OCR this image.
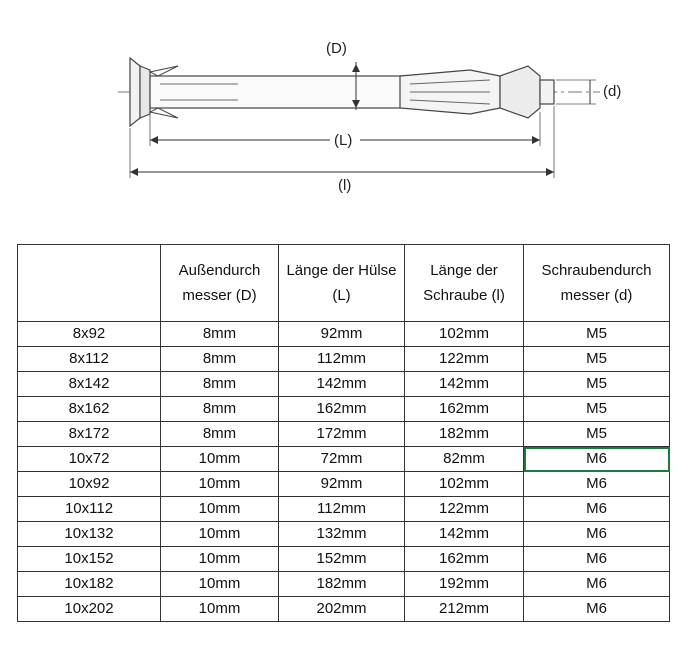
(D)
(d)
(L)
(l)
	Außendurch messer (D)	Länge der Hülse (L)	Länge der Schraube (l)	Schraubendurch messer (d)
8x92	8mm	92mm	102mm	M5
8x112	8mm	112mm	122mm	M5
8x142	8mm	142mm	142mm	M5
8x162	8mm	162mm	162mm	M5
8x172	8mm	172mm	182mm	M5
10x72	10mm	72mm	82mm	M6
10x92	10mm	92mm	102mm	M6
10x112	10mm	112mm	122mm	M6
10x132	10mm	132mm	142mm	M6
10x152	10mm	152mm	162mm	M6
10x182	10mm	182mm	192mm	M6
10x202	10mm	202mm	212mm	M6
